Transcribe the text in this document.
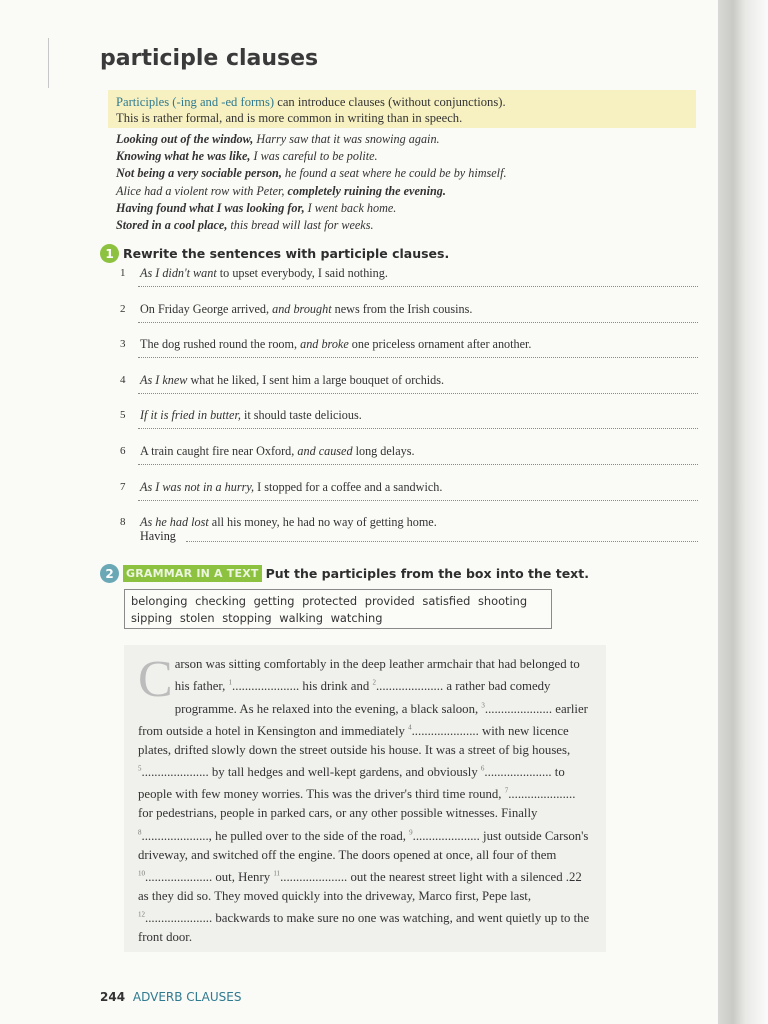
participle clauses
Participles (-ing and -ed forms) can introduce clauses (without conjunctions).
This is rather formal, and is more common in writing than in speech.
Looking out of the window, Harry saw that it was snowing again.
Knowing what he was like, I was careful to be polite.
Not being a very sociable person, he found a seat where he could be by himself.
Alice had a violent row with Peter, completely ruining the evening.
Having found what I was looking for, I went back home.
Stored in a cool place, this bread will last for weeks.
1 Rewrite the sentences with participle clauses.
1	As I didn't want to upset everybody, I said nothing.
2	On Friday George arrived, and brought news from the Irish cousins.
3	The dog rushed round the room, and broke one priceless ornament after another.
4	As I knew what he liked, I sent him a large bouquet of orchids.
5	If it is fried in butter, it should taste delicious.
6	A train caught fire near Oxford, and caused long delays.
7	As I was not in a hurry, I stopped for a coffee and a sandwich.
8	As he had lost all his money, he had no way of getting home.
Having
2	GRAMMAR IN A TEXT Put the participles from the box into the text.
belonging checking getting protected provided satisfied shooting
sipping stolen stopping walking watching
C arson was sitting comfortably in the deep leather armchair that had belonged to his father, $^1$..................... his drink and $^2$..................... a rather bad comedy programme. As he relaxed into the evening, a black saloon, $^3$..................... earlier from outside a hotel in Kensington and immediately $^4$..................... with new licence plates, drifted slowly down the street outside his house. It was a street of big houses, $^5$..................... by tall hedges and well-kept gardens, and obviously $^6$..................... to people with few money worries. This was the driver's third time round, $^7$..................... for pedestrians, people in parked cars, or any other possible witnesses. Finally $^8$....................., he pulled over to the side of the road, $^9$..................... just outside Carson's driveway, and switched off the engine. The doors opened at once, all four of them $^{10}$..................... out, Henry $^{11}$..................... out the nearest street light with a silenced .22 as they did so. They moved quickly into the driveway, Marco first, Pepe last, $^{12}$..................... backwards to make sure no one was watching, and went quietly up to the front door.
244 ADVERB CLAUSES
